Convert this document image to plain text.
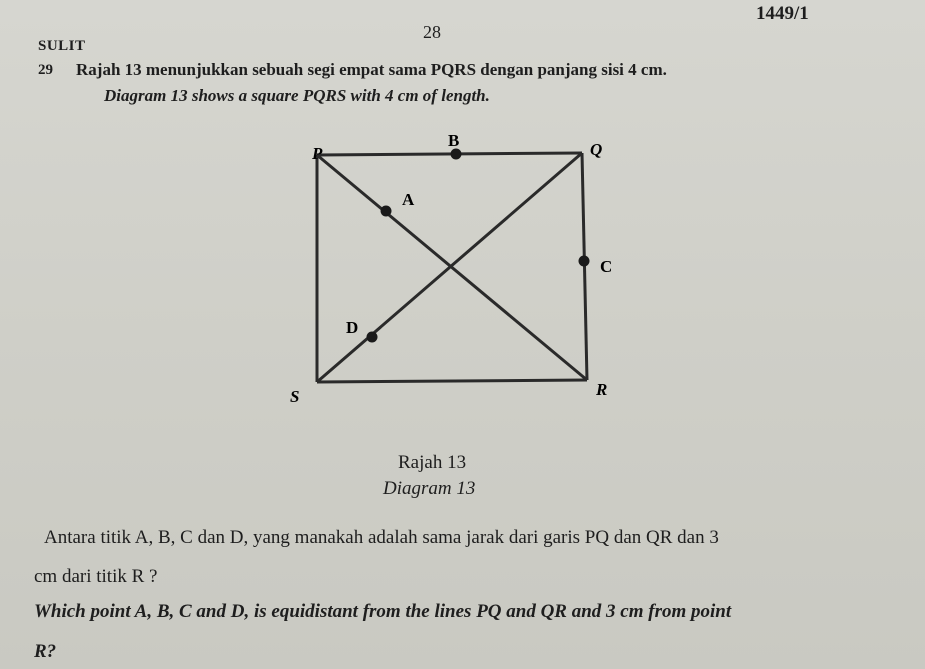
1449/1
28
SULIT
29 Rajah 13 menunjukkan sebuah segi empat sama PQRS dengan panjang sisi 4 cm.
Diagram 13 shows a square PQRS with 4 cm of length.
P	Q
R
S
A
B
C
D
Rajah 13
Diagram 13
Antara titik A, B, C dan D, yang manakah adalah sama jarak dari garis PQ dan QR dan 3
cm dari titik R ?
Which point A, B, C and D, is equidistant from the lines PQ and QR and 3 cm from point
R?
